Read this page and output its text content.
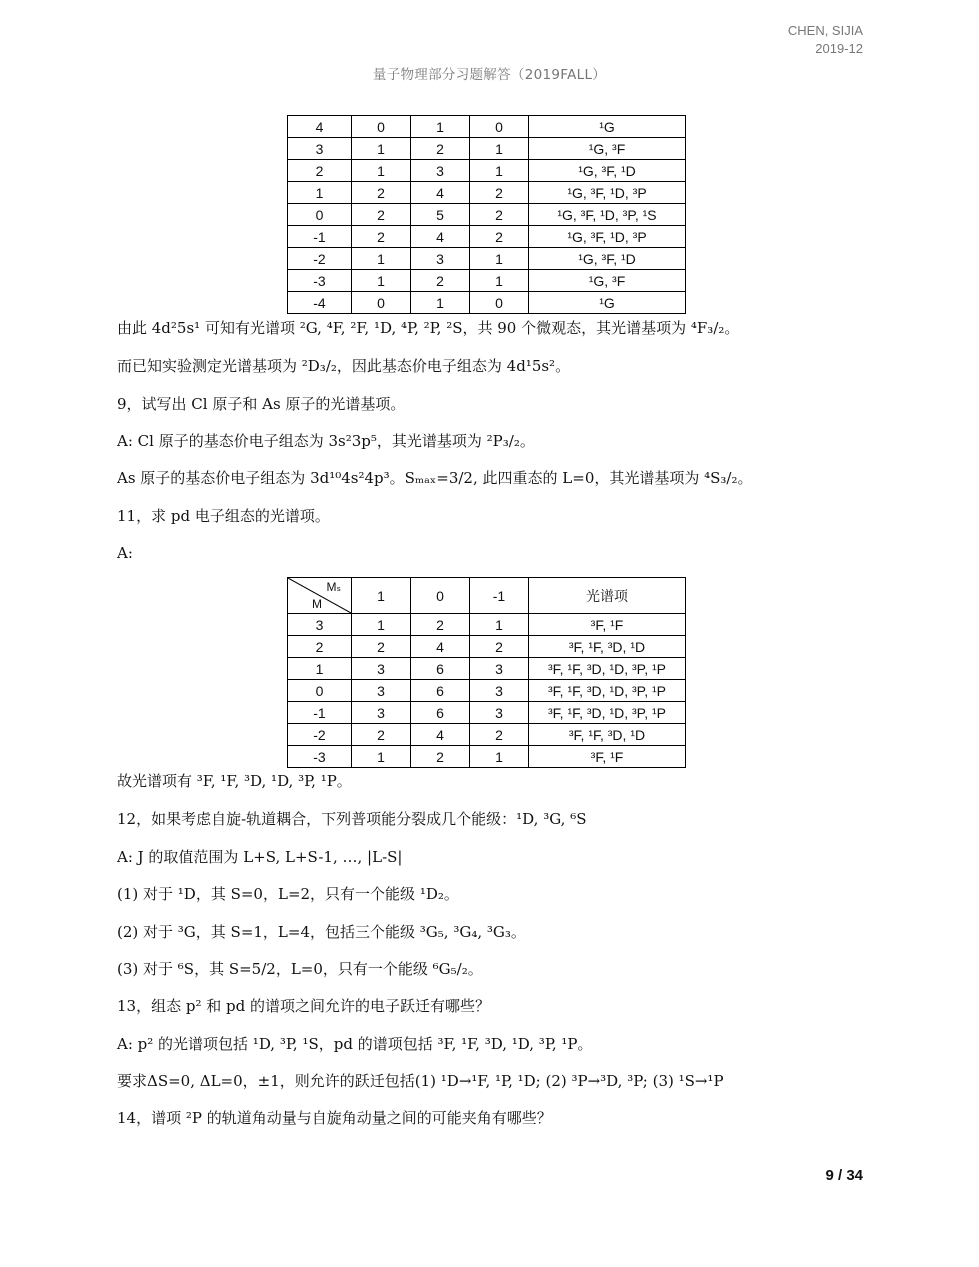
CHEN, SIJIA
2019-12
量子物理部分习题解答（2019FALL）
4	0	1	0	¹G
3	1	2	1	¹G, ³F
2	1	3	1	¹G, ³F, ¹D
1	2	4	2	¹G, ³F, ¹D, ³P
0	2	5	2	¹G, ³F, ¹D, ³P, ¹S
-1	2	4	2	¹G, ³F, ¹D, ³P
-2	1	3	1	¹G, ³F, ¹D
-3	1	2	1	¹G, ³F
-4	0	1	0	¹G
由此 4d²5s¹ 可知有光谱项 ²G, ⁴F, ²F, ¹D, ⁴P, ²P, ²S，共 90 个微观态，其光谱基项为 ⁴F₃/₂。
而已知实验测定光谱基项为 ²D₃/₂，因此基态价电子组态为 4d¹5s²。
9，试写出 Cl 原子和 As 原子的光谱基项。
A: Cl 原子的基态价电子组态为 3s²3p⁵，其光谱基项为 ²P₃/₂。
As 原子的基态价电子组态为 3d¹⁰4s²4p³。Sₘₐₓ=3/2, 此四重态的 L=0，其光谱基项为 ⁴S₃/₂。
11，求 pd 电子组态的光谱项。
A:
Mₛ
M	1	0	-1	光谱项
3	1	2	1	³F, ¹F
2	2	4	2	³F, ¹F, ³D, ¹D
1	3	6	3	³F, ¹F, ³D, ¹D, ³P, ¹P
0	3	6	3	³F, ¹F, ³D, ¹D, ³P, ¹P
-1	3	6	3	³F, ¹F, ³D, ¹D, ³P, ¹P
-2	2	4	2	³F, ¹F, ³D, ¹D
-3	1	2	1	³F, ¹F
故光谱项有 ³F, ¹F, ³D, ¹D, ³P, ¹P。
12，如果考虑自旋-轨道耦合，下列普项能分裂成几个能级：¹D, ³G, ⁶S
A: J 的取值范围为 L+S, L+S-1, …, |L-S|
(1) 对于 ¹D，其 S=0，L=2，只有一个能级 ¹D₂。
(2) 对于 ³G，其 S=1，L=4，包括三个能级 ³G₅, ³G₄, ³G₃。
(3) 对于 ⁶S，其 S=5/2，L=0，只有一个能级 ⁶G₅/₂。
13，组态 p² 和 pd 的谱项之间允许的电子跃迁有哪些？
A: p² 的光谱项包括 ¹D, ³P, ¹S，pd 的谱项包括 ³F, ¹F, ³D, ¹D, ³P, ¹P。
要求ΔS=0, ΔL=0，±1，则允许的跃迁包括(1) ¹D→¹F, ¹P, ¹D; (2) ³P→³D, ³P; (3) ¹S→¹P
14，谱项 ²P 的轨道角动量与自旋角动量之间的可能夹角有哪些？
9 / 34
